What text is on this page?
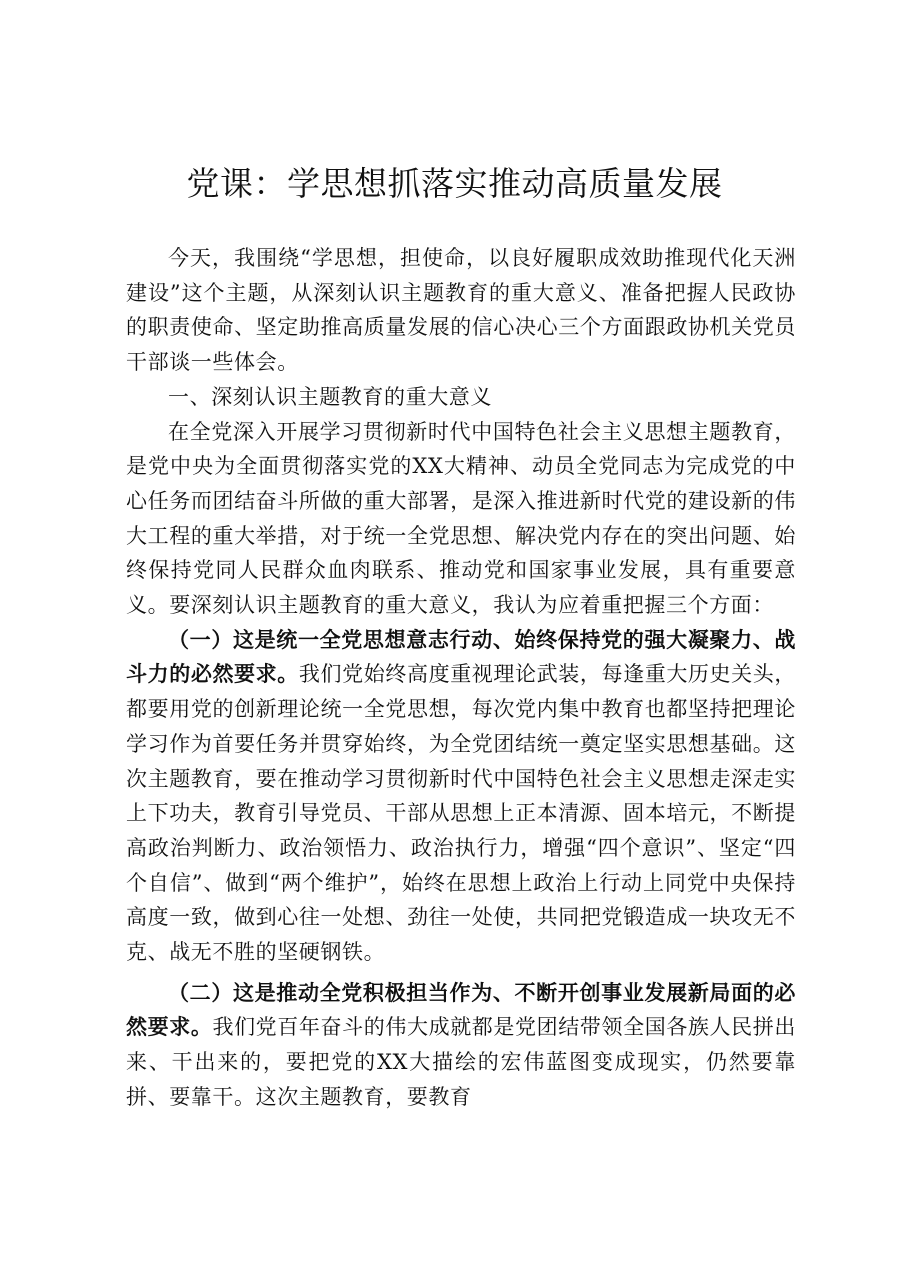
党课：学思想抓落实推动高质量发展

今天，我围绕“学思想，担使命，以良好履职成效助推现代化天洲建设”这个主题，从深刻认识主题教育的重大意义、准备把握人民政协的职责使命、坚定助推高质量发展的信心决心三个方面跟政协机关党员干部谈一些体会。

一、深刻认识主题教育的重大意义

在全党深入开展学习贯彻新时代中国特色社会主义思想主题教育，是党中央为全面贯彻落实党的XX大精神、动员全党同志为完成党的中心任务而团结奋斗所做的重大部署，是深入推进新时代党的建设新的伟大工程的重大举措，对于统一全党思想、解决党内存在的突出问题、始终保持党同人民群众血肉联系、推动党和国家事业发展，具有重要意义。要深刻认识主题教育的重大意义，我认为应着重把握三个方面：

（一）这是统一全党思想意志行动、始终保持党的强大凝聚力、战斗力的必然要求。我们党始终高度重视理论武装，每逢重大历史关头，都要用党的创新理论统一全党思想，每次党内集中教育也都坚持把理论学习作为首要任务并贯穿始终，为全党团结统一奠定坚实思想基础。这次主题教育，要在推动学习贯彻新时代中国特色社会主义思想走深走实上下功夫，教育引导党员、干部从思想上正本清源、固本培元，不断提高政治判断力、政治领悟力、政治执行力，增强“四个意识”、坚定“四个自信”、做到“两个维护”，始终在思想上政治上行动上同党中央保持高度一致，做到心往一处想、劲往一处使，共同把党锻造成一块攻无不克、战无不胜的坚硬钢铁。

（二）这是推动全党积极担当作为、不断开创事业发展新局面的必然要求。我们党百年奋斗的伟大成就都是党团结带领全国各族人民拼出来、干出来的，要把党的XX大描绘的宏伟蓝图变成现实，仍然要靠拼、要靠干。这次主题教育，要教育
